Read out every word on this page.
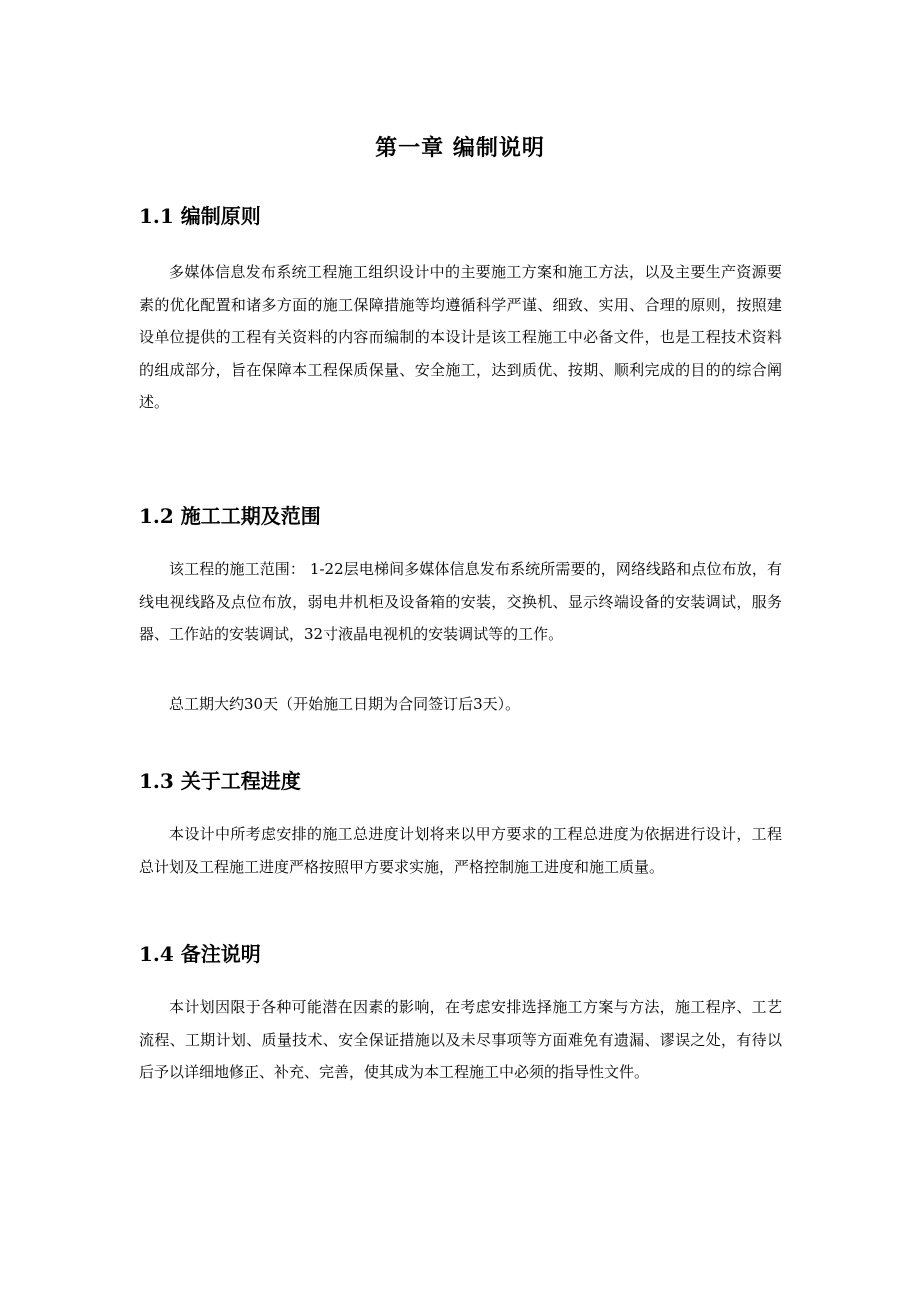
第一章 编制说明
1.1 编制原则

多媒体信息发布系统工程施工组织设计中的主要施工方案和施工方法，以及主要生产资源要素的优化配置和诸多方面的施工保障措施等均遵循科学严谨、细致、实用、合理的原则，按照建设单位提供的工程有关资料的内容而编制的本设计是该工程施工中必备文件，也是工程技术资料的组成部分，旨在保障本工程保质保量、安全施工，达到质优、按期、顺利完成的目的的综合阐述。

1.2 施工工期及范围

该工程的施工范围： 1-22层电梯间多媒体信息发布系统所需要的，网络线路和点位布放，有线电视线路及点位布放，弱电井机柜及设备箱的安装，交换机、显示终端设备的安装调试，服务器、工作站的安装调试，32寸液晶电视机的安装调试等的工作。

总工期大约30天（开始施工日期为合同签订后3天）。

1.3 关于工程进度

本设计中所考虑安排的施工总进度计划将来以甲方要求的工程总进度为依据进行设计，工程总计划及工程施工进度严格按照甲方要求实施，严格控制施工进度和施工质量。

1.4 备注说明

本计划因限于各种可能潜在因素的影响，在考虑安排选择施工方案与方法，施工程序、工艺流程、工期计划、质量技术、安全保证措施以及未尽事项等方面难免有遗漏、谬误之处，有待以后予以详细地修正、补充、完善，使其成为本工程施工中必须的指导性文件。
